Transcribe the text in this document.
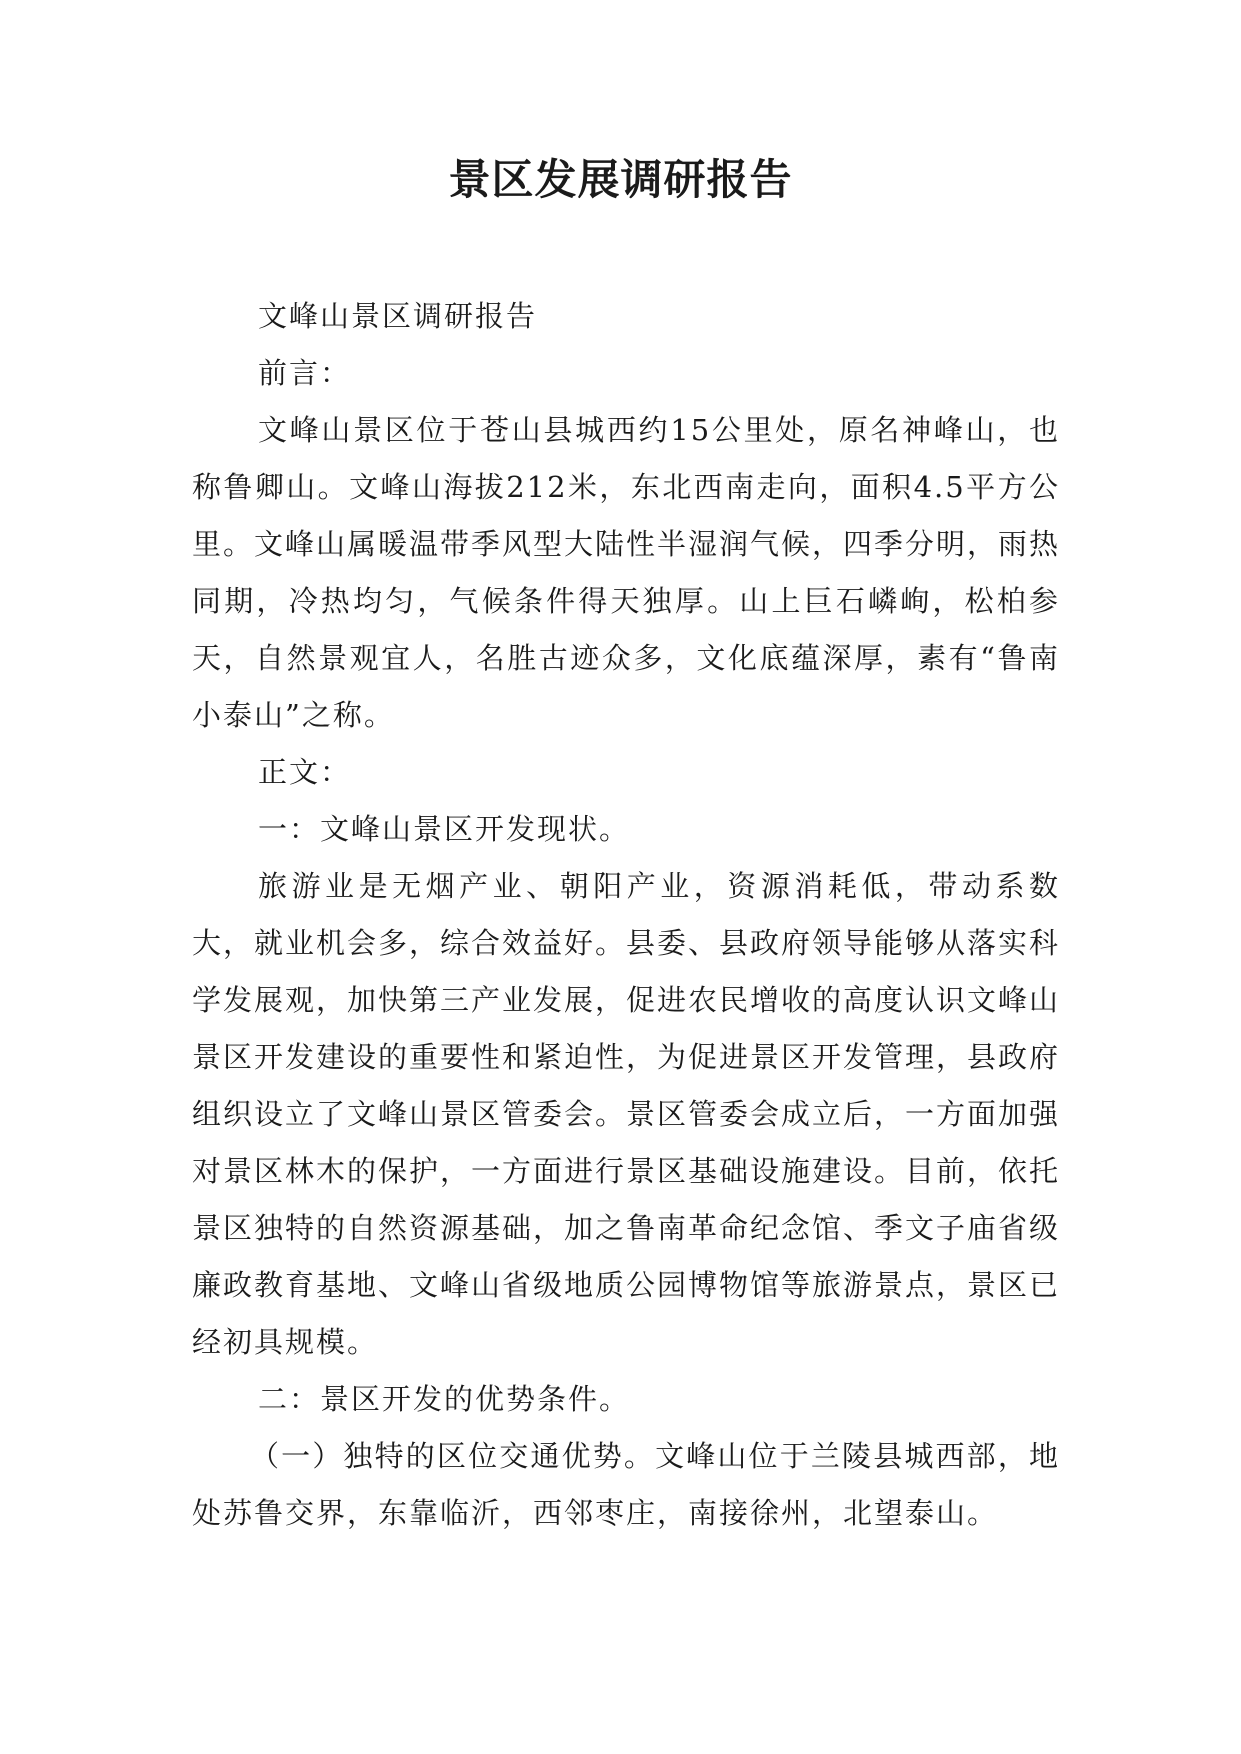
景区发展调研报告

文峰山景区调研报告

前言：

文峰山景区位于苍山县城西约15公里处，原名神峰山，也称鲁卿山。文峰山海拔212米，东北西南走向，面积4.5平方公里。文峰山属暖温带季风型大陆性半湿润气候，四季分明，雨热同期，冷热均匀，气候条件得天独厚。山上巨石嶙峋，松柏参天，自然景观宜人，名胜古迹众多，文化底蕴深厚，素有“鲁南小泰山”之称。

正文：

一：文峰山景区开发现状。

旅游业是无烟产业、朝阳产业，资源消耗低，带动系数大，就业机会多，综合效益好。县委、县政府领导能够从落实科学发展观，加快第三产业发展，促进农民增收的高度认识文峰山景区开发建设的重要性和紧迫性，为促进景区开发管理，县政府组织设立了文峰山景区管委会。景区管委会成立后，一方面加强对景区林木的保护，一方面进行景区基础设施建设。目前，依托景区独特的自然资源基础，加之鲁南革命纪念馆、季文子庙省级廉政教育基地、文峰山省级地质公园博物馆等旅游景点，景区已经初具规模。

二：景区开发的优势条件。

（一）独特的区位交通优势。文峰山位于兰陵县城西部，地处苏鲁交界，东靠临沂，西邻枣庄，南接徐州，北望泰山。
